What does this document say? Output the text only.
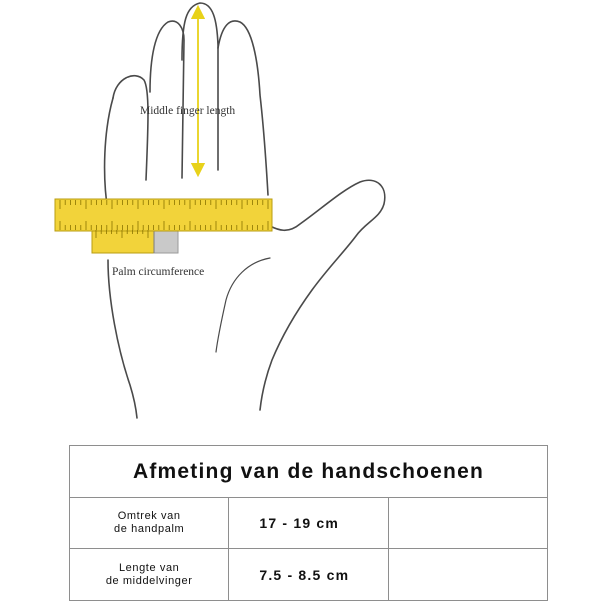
Middle finger length
Palm circumference
Afmeting van de handschoenen		

Omtrek van
de handpalm	17 - 19 cm	

Lengte van
de middelvinger	7.5 - 8.5 cm	
